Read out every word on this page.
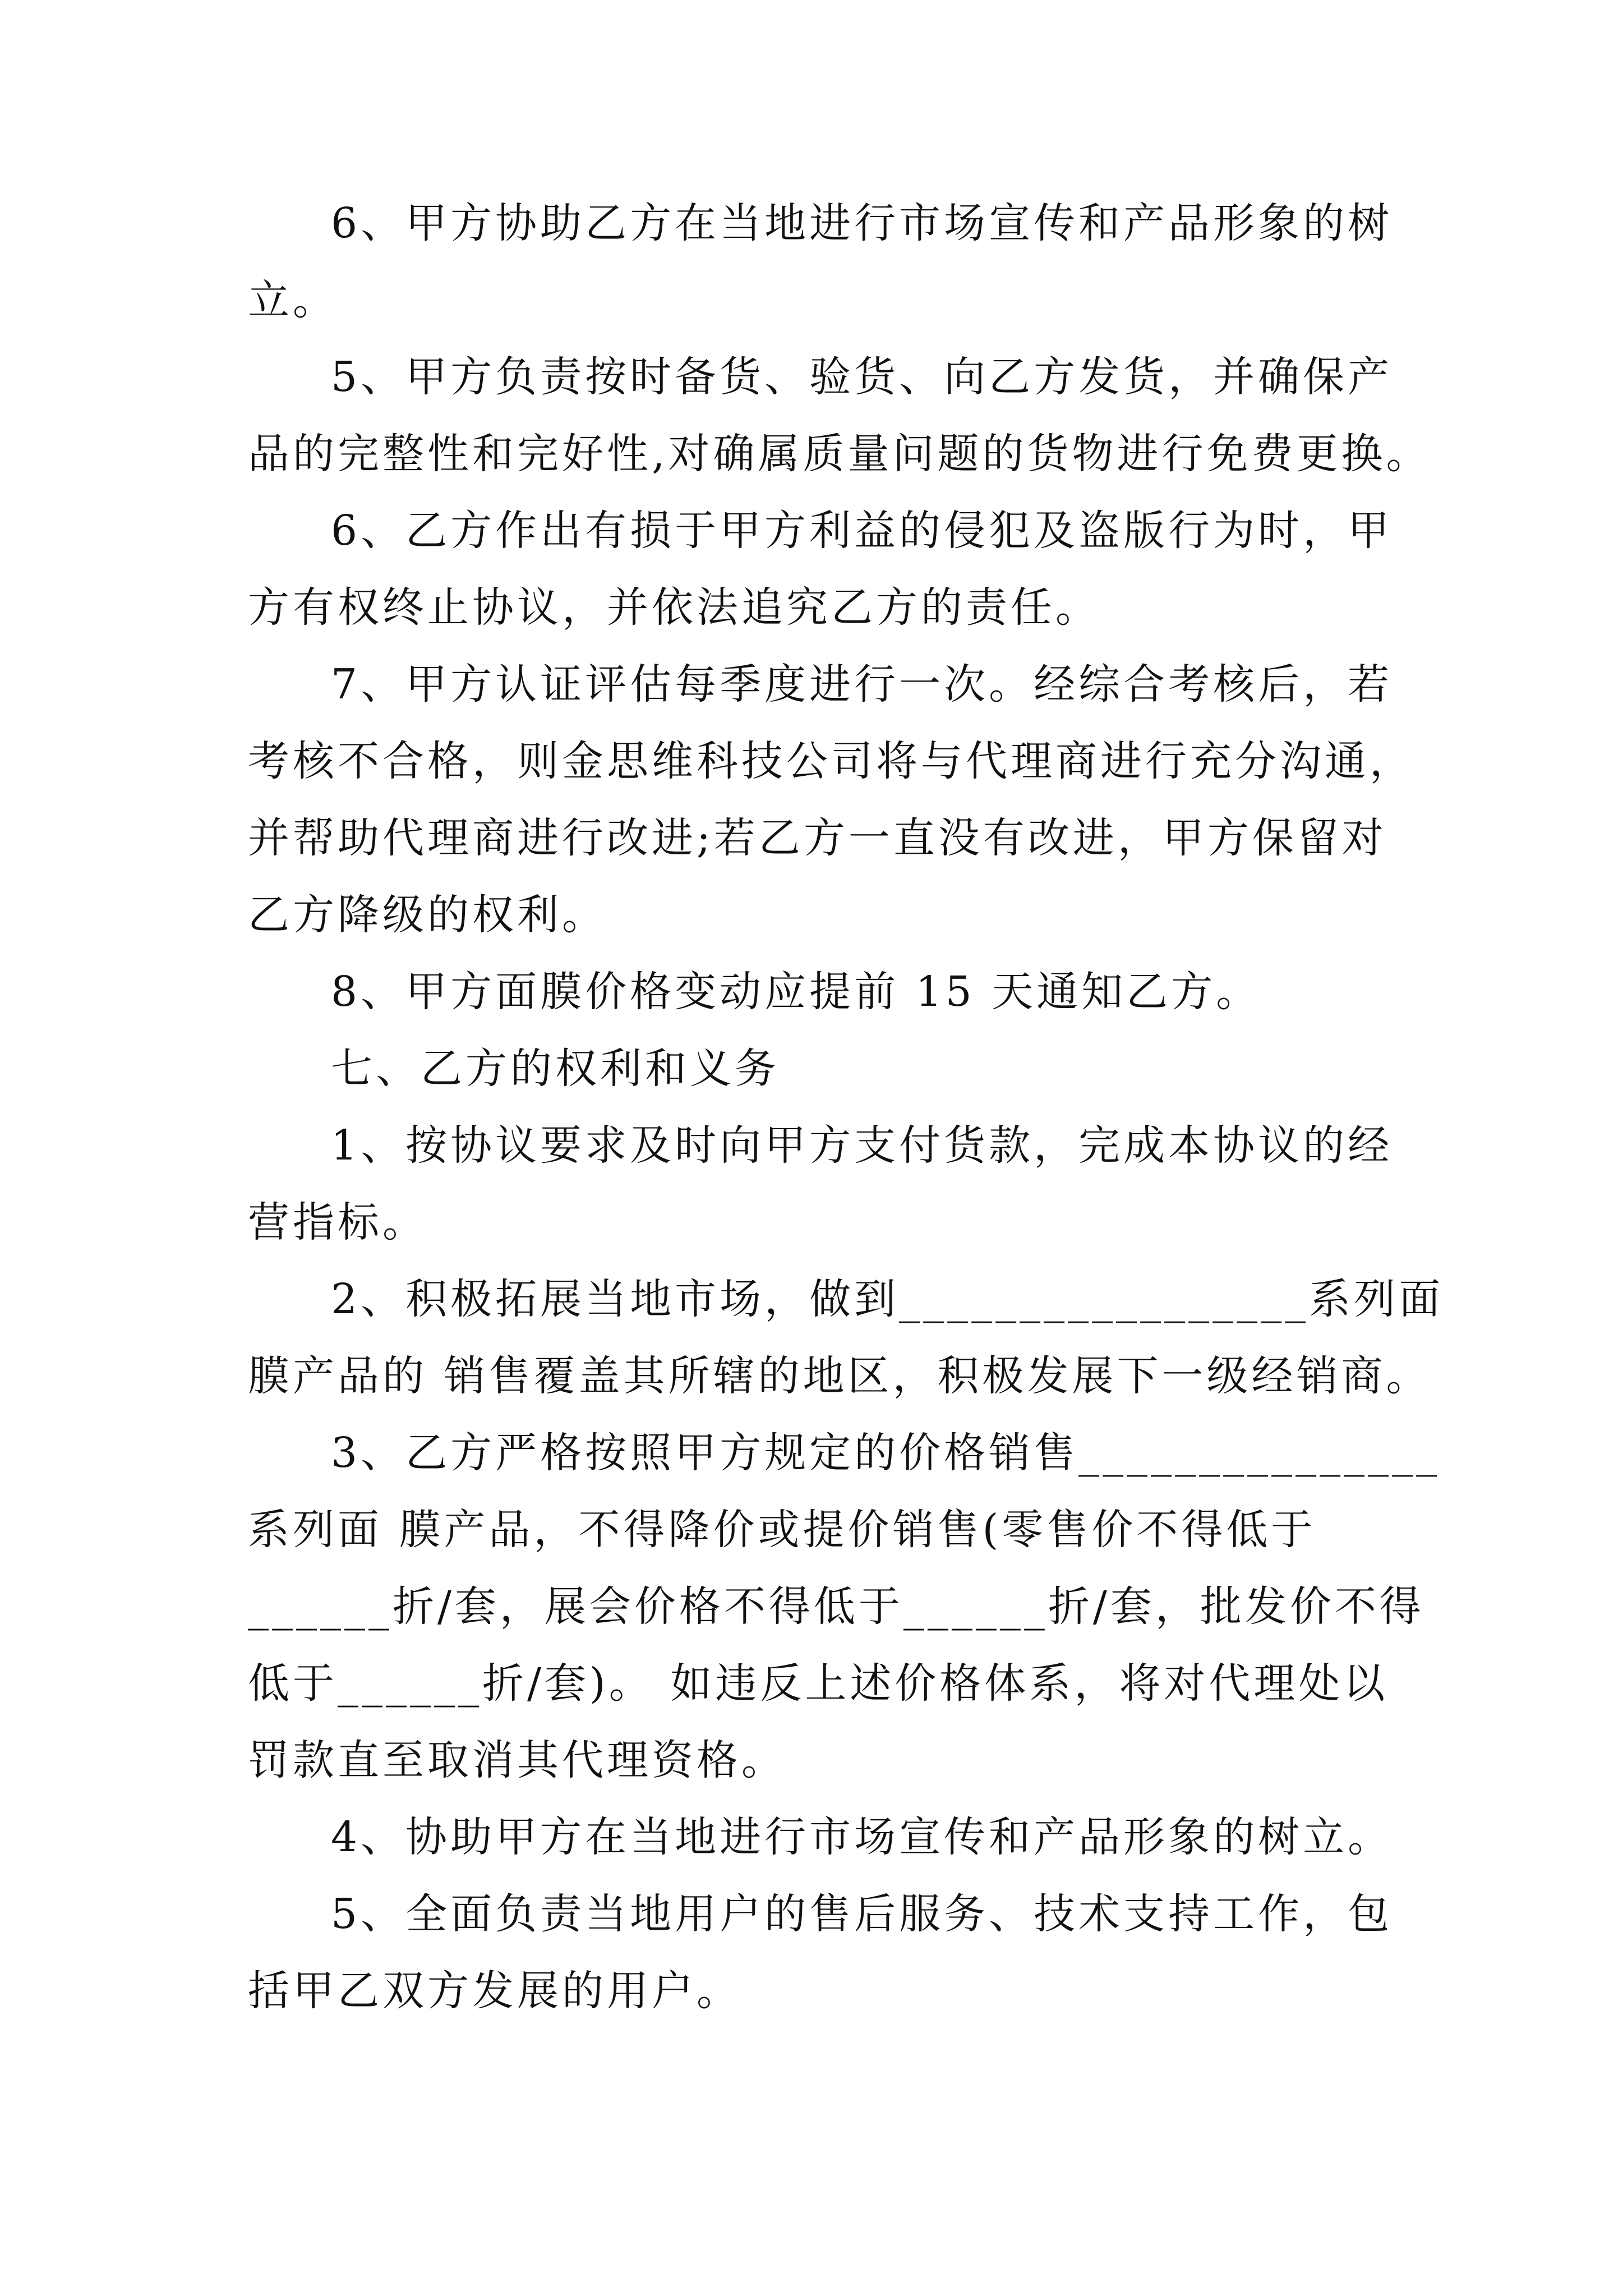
6、甲方协助乙方在当地进行市场宣传和产品形象的树
立。
5、甲方负责按时备货、验货、向乙方发货，并确保产
品的完整性和完好性,对确属质量问题的货物进行免费更换。
6、乙方作出有损于甲方利益的侵犯及盗版行为时，甲
方有权终止协议，并依法追究乙方的责任。
7、甲方认证评估每季度进行一次。经综合考核后，若
考核不合格，则金思维科技公司将与代理商进行充分沟通，
并帮助代理商进行改进;若乙方一直没有改进，甲方保留对
乙方降级的权利。
8、甲方面膜价格变动应提前 15 天通知乙方。
七、乙方的权利和义务
1、按协议要求及时向甲方支付货款，完成本协议的经
营指标。
2、积极拓展当地市场，做到_________________系列面
膜产品的 销售覆盖其所辖的地区，积极发展下一级经销商。
3、乙方严格按照甲方规定的价格销售_______________
系列面 膜产品，不得降价或提价销售(零售价不得低于
______折/套，展会价格不得低于______折/套，批发价不得
低于______折/套)。 如违反上述价格体系，将对代理处以
罚款直至取消其代理资格。
4、协助甲方在当地进行市场宣传和产品形象的树立。
5、全面负责当地用户的售后服务、技术支持工作，包
括甲乙双方发展的用户。
